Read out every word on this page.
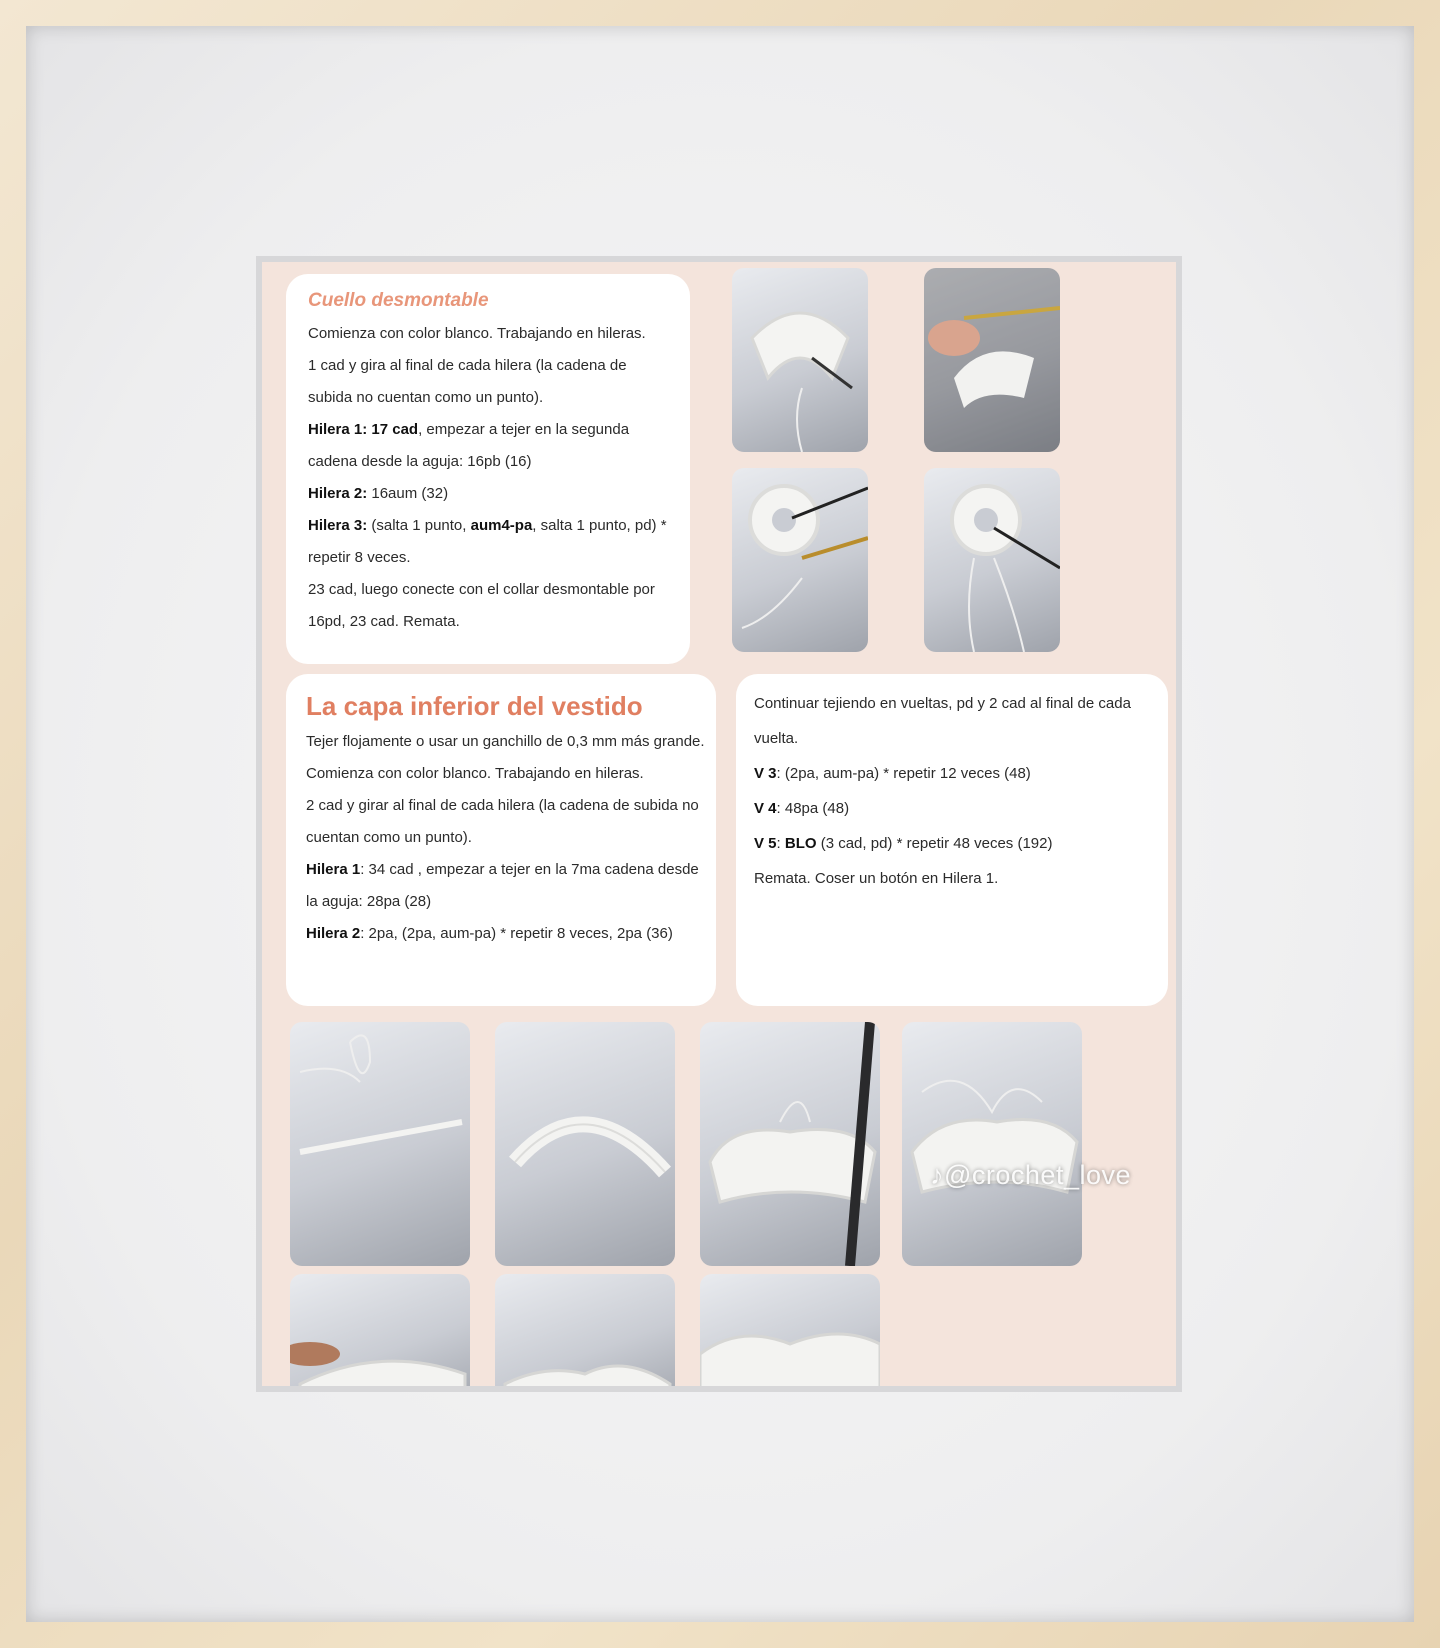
Cuello desmontable

Comienza con color blanco. Trabajando en hileras.

1 cad y gira al final de cada hilera (la cadena de subida no cuentan como un punto).

Hilera 1: 17 cad, empezar a tejer en la segunda cadena desde la aguja: 16pb (16)

Hilera 2: 16aum (32)

Hilera 3: (salta 1 punto, aum4-pa, salta 1 punto, pd) * repetir 8 veces.

23 cad, luego conecte con el collar desmontable por 16pd, 23 cad. Remata.

La capa inferior del vestido

Tejer flojamente o usar un ganchillo de 0,3 mm más grande.

Comienza con color blanco. Trabajando en hileras.

2 cad y girar al final de cada hilera (la cadena de subida no cuentan como un punto).

Hilera 1: 34 cad , empezar a tejer en la 7ma cadena desde la aguja: 28pa (28)

Hilera 2: 2pa, (2pa, aum-pa) * repetir 8 veces, 2pa (36)

Continuar tejiendo en vueltas, pd y 2 cad al final de cada vuelta.

V 3: (2pa, aum-pa) * repetir 12 veces (48)

V 4: 48pa (48)

V 5: BLO (3 cad, pd) * repetir 48 veces (192)

Remata. Coser un botón en Hilera 1.

♪@crochet_love
